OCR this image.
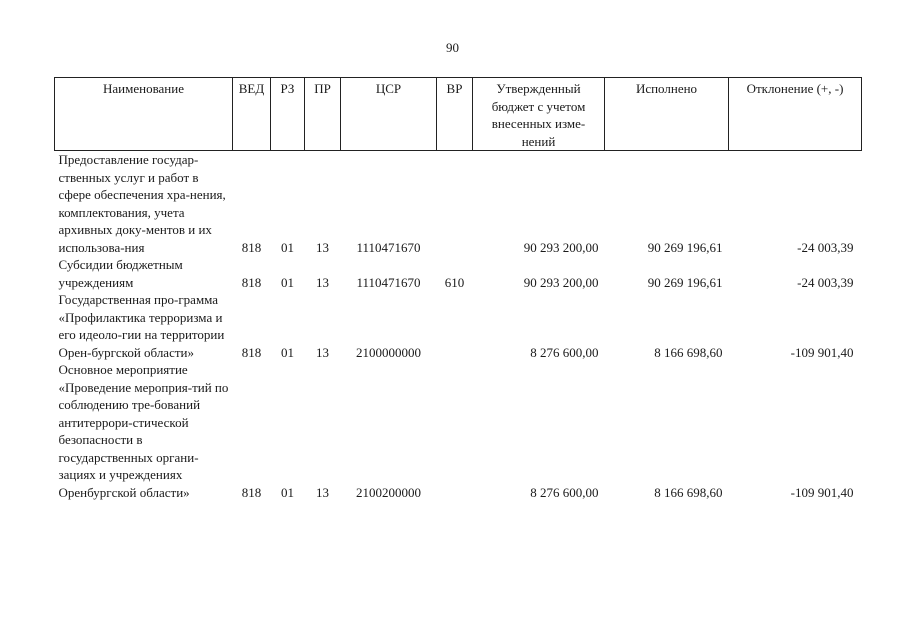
90
Наименование	ВЕД	РЗ	ПР	ЦСР	ВР	Утвержденный бюджет с учетом внесенных изме-нений	Исполнено	Отклонение (+, -)
Предоставление государ-ственных услуг и работ в сфере обеспечения хра-нения, комплектования, учета архивных доку-ментов и их использова-ния	818	01	13	1110471670		90 293 200,00	90 269 196,61	-24 003,39
Субсидии бюджетным учреждениям	818	01	13	1110471670	610	90 293 200,00	90 269 196,61	-24 003,39
Государственная про-грамма «Профилактика терроризма и его идеоло-гии на территории Орен-бургской области»	818	01	13	2100000000		8 276 600,00	8 166 698,60	-109 901,40
Основное мероприятие «Проведение мероприя-тий по соблюдению тре-бований антитеррори-стической безопасности в государственных органи-зациях и учреждениях Оренбургской области»	818	01	13	2100200000		8 276 600,00	8 166 698,60	-109 901,40
